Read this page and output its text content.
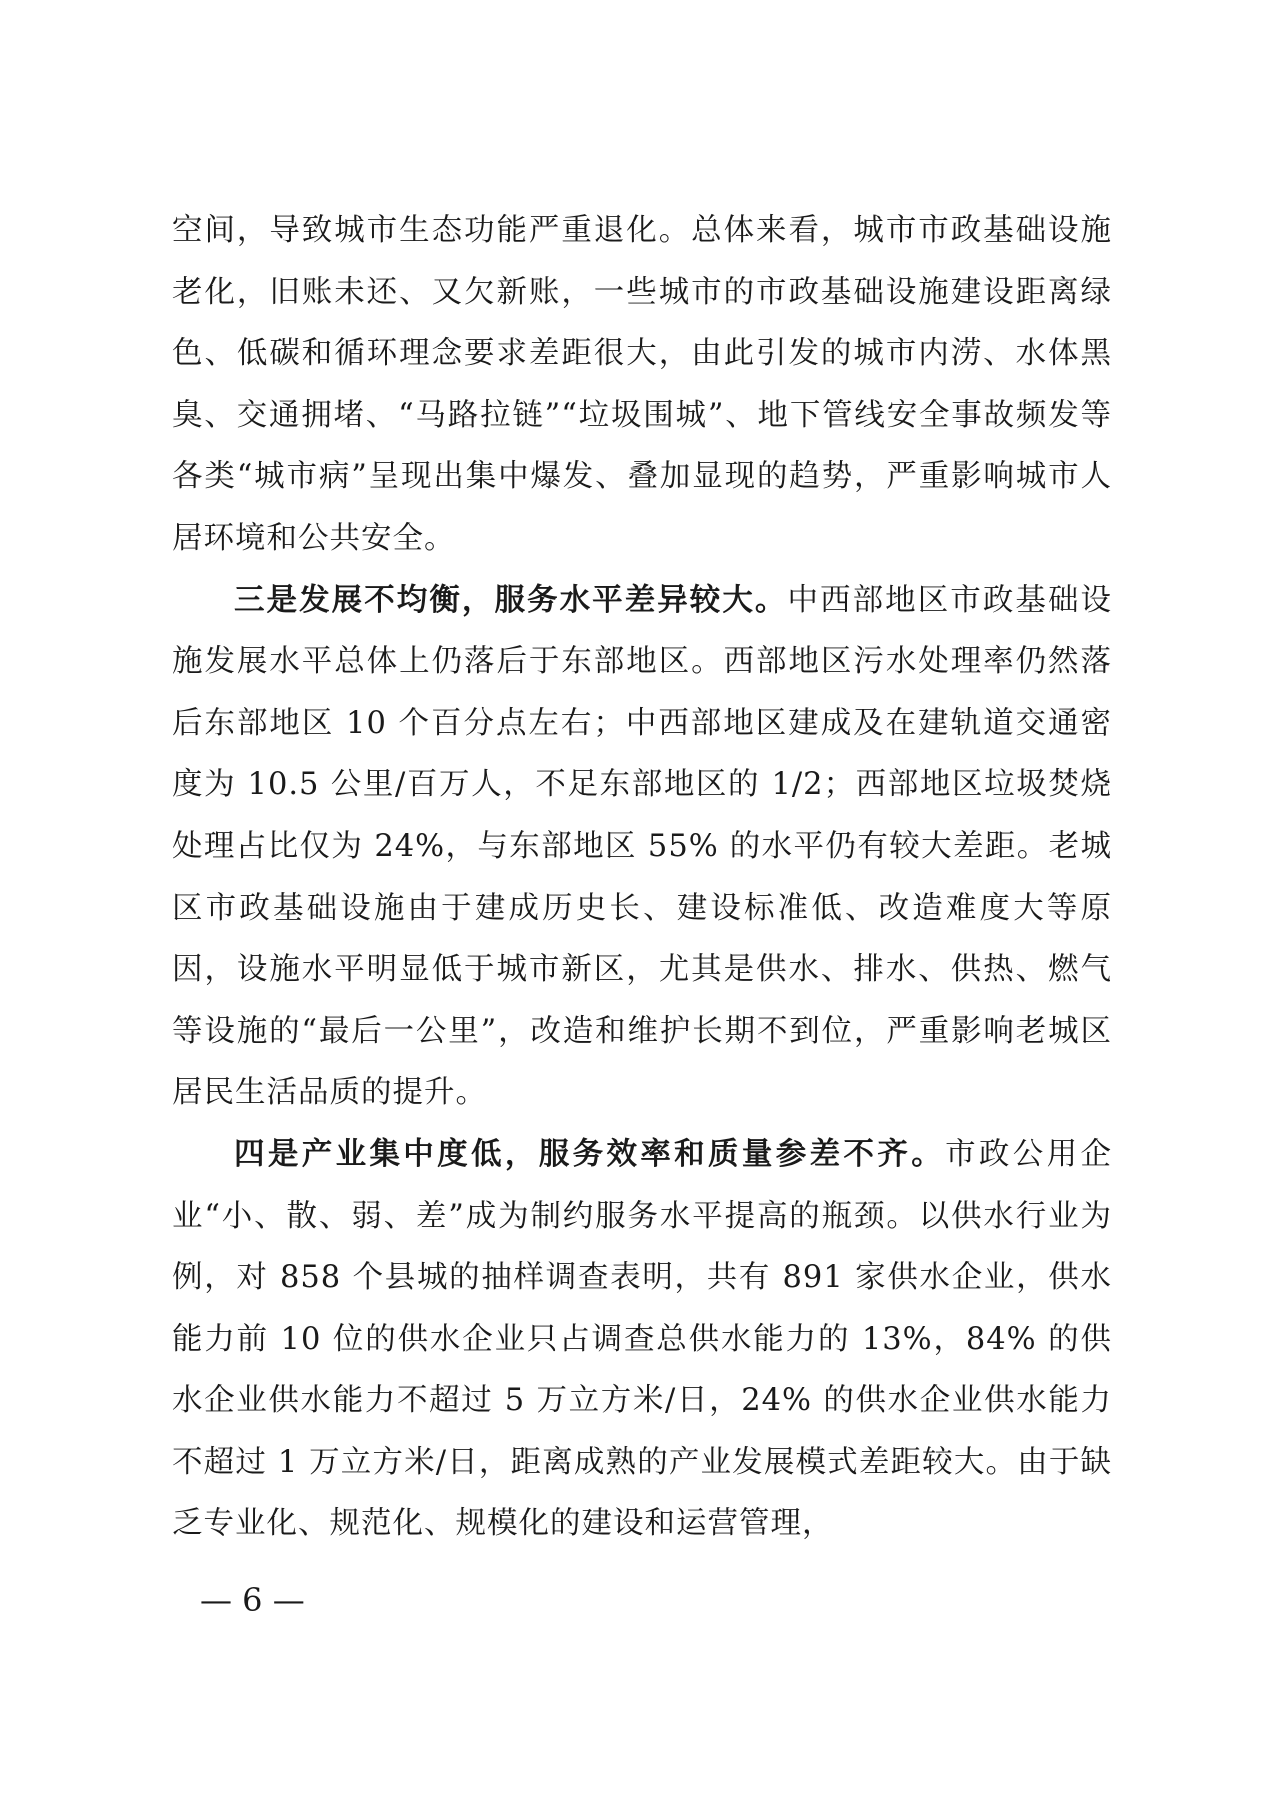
空间，导致城市生态功能严重退化。总体来看，城市市政基础设施老化，旧账未还、又欠新账，一些城市的市政基础设施建设距离绿色、低碳和循环理念要求差距很大，由此引发的城市内涝、水体黑臭、交通拥堵、“马路拉链”“垃圾围城”、地下管线安全事故频发等各类“城市病”呈现出集中爆发、叠加显现的趋势，严重影响城市人居环境和公共安全。

三是发展不均衡，服务水平差异较大。中西部地区市政基础设施发展水平总体上仍落后于东部地区。西部地区污水处理率仍然落后东部地区 10 个百分点左右；中西部地区建成及在建轨道交通密度为 10.5 公里/百万人，不足东部地区的 1/2；西部地区垃圾焚烧处理占比仅为 24%，与东部地区 55% 的水平仍有较大差距。老城区市政基础设施由于建成历史长、建设标准低、改造难度大等原因，设施水平明显低于城市新区，尤其是供水、排水、供热、燃气等设施的“最后一公里”，改造和维护长期不到位，严重影响老城区居民生活品质的提升。

四是产业集中度低，服务效率和质量参差不齐。市政公用企业“小、散、弱、差”成为制约服务水平提高的瓶颈。以供水行业为例，对 858 个县城的抽样调查表明，共有 891 家供水企业，供水能力前 10 位的供水企业只占调查总供水能力的 13%，84% 的供水企业供水能力不超过 5 万立方米/日，24% 的供水企业供水能力不超过 1 万立方米/日，距离成熟的产业发展模式差距较大。由于缺乏专业化、规范化、规模化的建设和运营管理，

— 6 —
